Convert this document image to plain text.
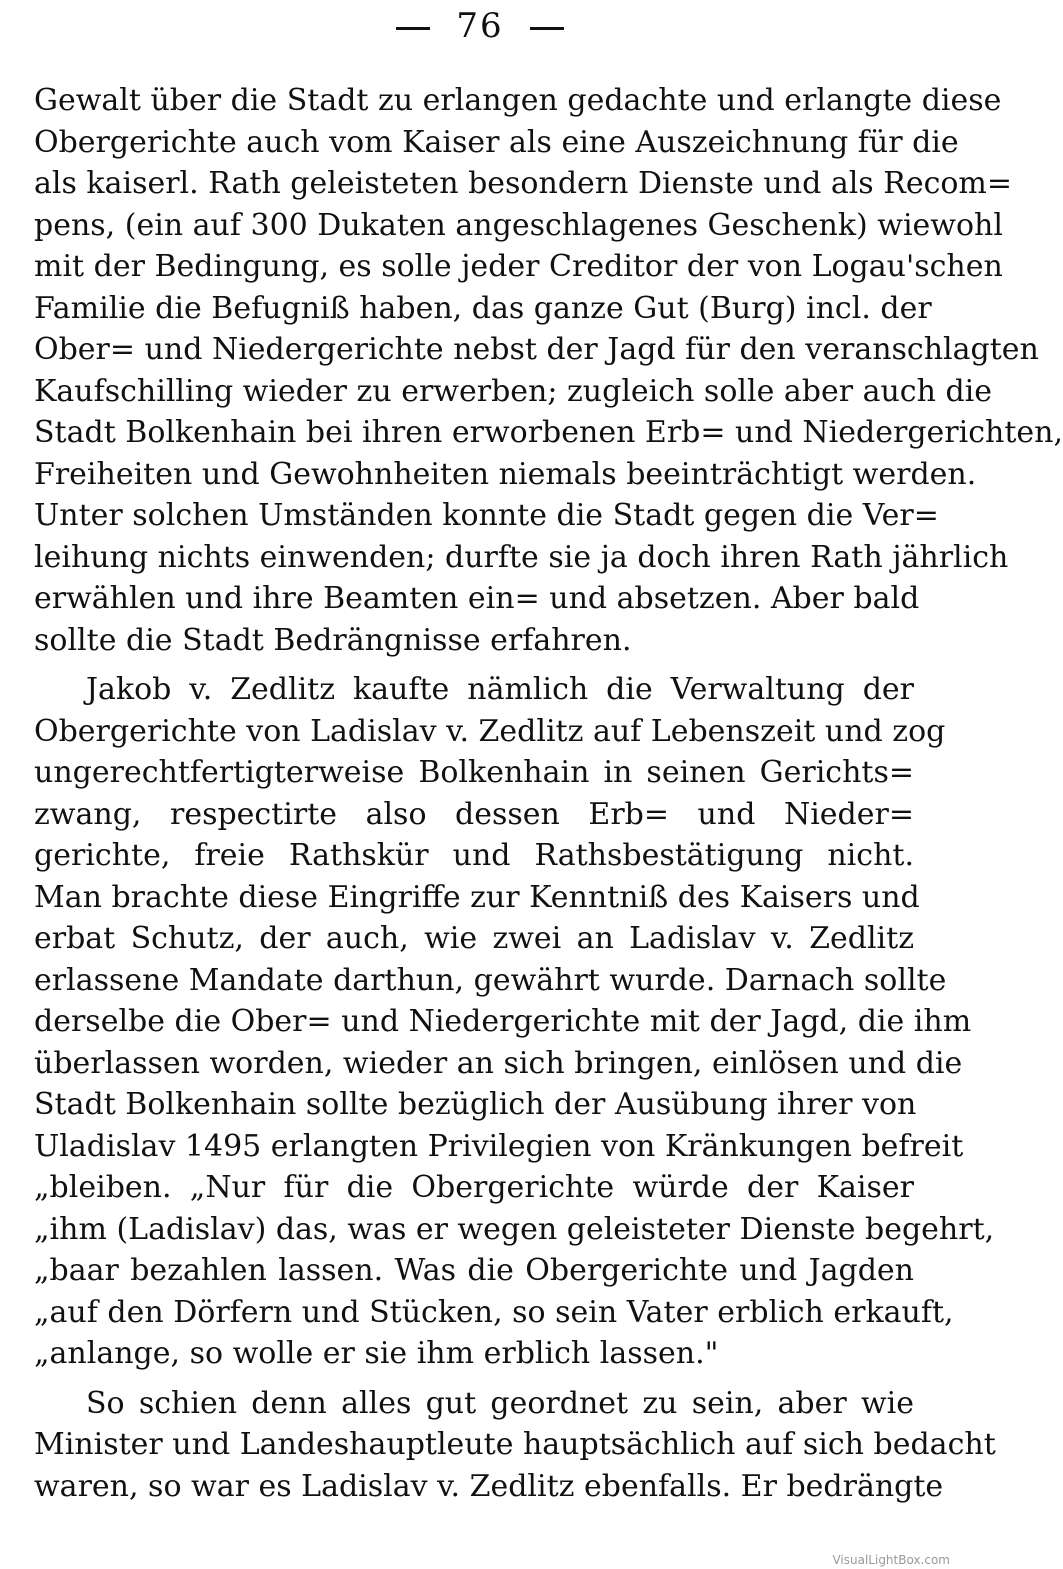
76
Gewalt über die Stadt zu erlangen gedachte und erlangte diese
Obergerichte auch vom Kaiser als eine Auszeichnung für die
als kaiserl. Rath geleisteten besondern Dienste und als Recom=
pens, (ein auf 300 Dukaten angeschlagenes Geschenk) wiewohl
mit der Bedingung, es solle jeder Creditor der von Logau'schen
Familie die Befugniß haben, das ganze Gut (Burg) incl. der
Ober= und Niedergerichte nebst der Jagd für den veranschlagten
Kaufschilling wieder zu erwerben; zugleich solle aber auch die
Stadt Bolkenhain bei ihren erworbenen Erb= und Niedergerichten,
Freiheiten und Gewohnheiten niemals beeinträchtigt werden.
Unter solchen Umständen konnte die Stadt gegen die Ver=
leihung nichts einwenden; durfte sie ja doch ihren Rath jährlich
erwählen und ihre Beamten ein= und absetzen. Aber bald
sollte die Stadt Bedrängnisse erfahren.
Jakob v. Zedlitz kaufte nämlich die Verwaltung der
Obergerichte von Ladislav v. Zedlitz auf Lebenszeit und zog
ungerechtfertigterweise Bolkenhain in seinen Gerichts=
zwang, respectirte also dessen Erb= und Nieder=
gerichte, freie Rathskür und Rathsbestätigung nicht.
Man brachte diese Eingriffe zur Kenntniß des Kaisers und
erbat Schutz, der auch, wie zwei an Ladislav v. Zedlitz
erlassene Mandate darthun, gewährt wurde. Darnach sollte
derselbe die Ober= und Niedergerichte mit der Jagd, die ihm
überlassen worden, wieder an sich bringen, einlösen und die
Stadt Bolkenhain sollte bezüglich der Ausübung ihrer von
Uladislav 1495 erlangten Privilegien von Kränkungen befreit
„bleiben. „Nur für die Obergerichte würde der Kaiser
„ihm (Ladislav) das, was er wegen geleisteter Dienste begehrt,
„baar bezahlen lassen. Was die Obergerichte und Jagden
„auf den Dörfern und Stücken, so sein Vater erblich erkauft,
„anlange, so wolle er sie ihm erblich lassen."
So schien denn alles gut geordnet zu sein, aber wie
Minister und Landeshauptleute hauptsächlich auf sich bedacht
waren, so war es Ladislav v. Zedlitz ebenfalls. Er bedrängte
VisualLightBox.com
